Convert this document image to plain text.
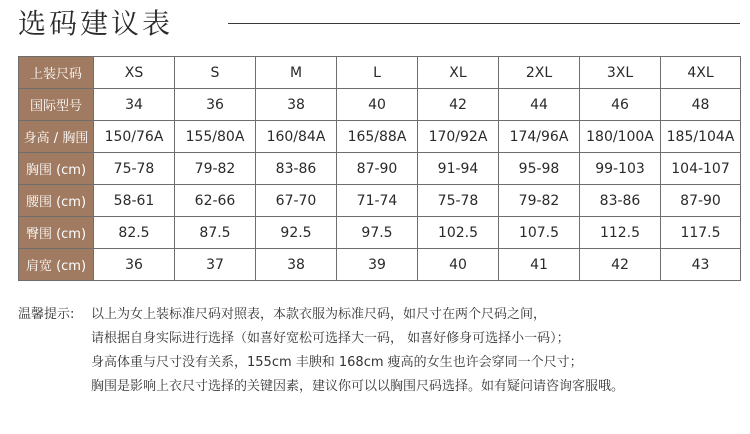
选码建议表
上装尺码	XS	S	M	L	XL	2XL	3XL	4XL
国际型号	34	36	38	40	42	44	46	48
身高 / 胸围	150/76A	155/80A	160/84A	165/88A	170/92A	174/96A	180/100A	185/104A
胸围 (cm)	75-78	79-82	83-86	87-90	91-94	95-98	99-103	104-107
腰围 (cm)	58-61	62-66	67-70	71-74	75-78	79-82	83-86	87-90
臀围 (cm)	82.5	87.5	92.5	97.5	102.5	107.5	112.5	117.5
肩宽 (cm)	36	37	38	39	40	41	42	43
温馨提示: 以上为女上装标准尺码对照表，本款衣服为标准尺码，如尺寸在两个尺码之间，
请根据自身实际进行选择（如喜好宽松可选择大一码， 如喜好修身可选择小一码）；
身高体重与尺寸没有关系，155cm 丰腴和 168cm 瘦高的女生也许会穿同一个尺寸；
胸围是影响上衣尺寸选择的关键因素，建议你可以以胸围尺码选择。如有疑问请咨询客服哦。
